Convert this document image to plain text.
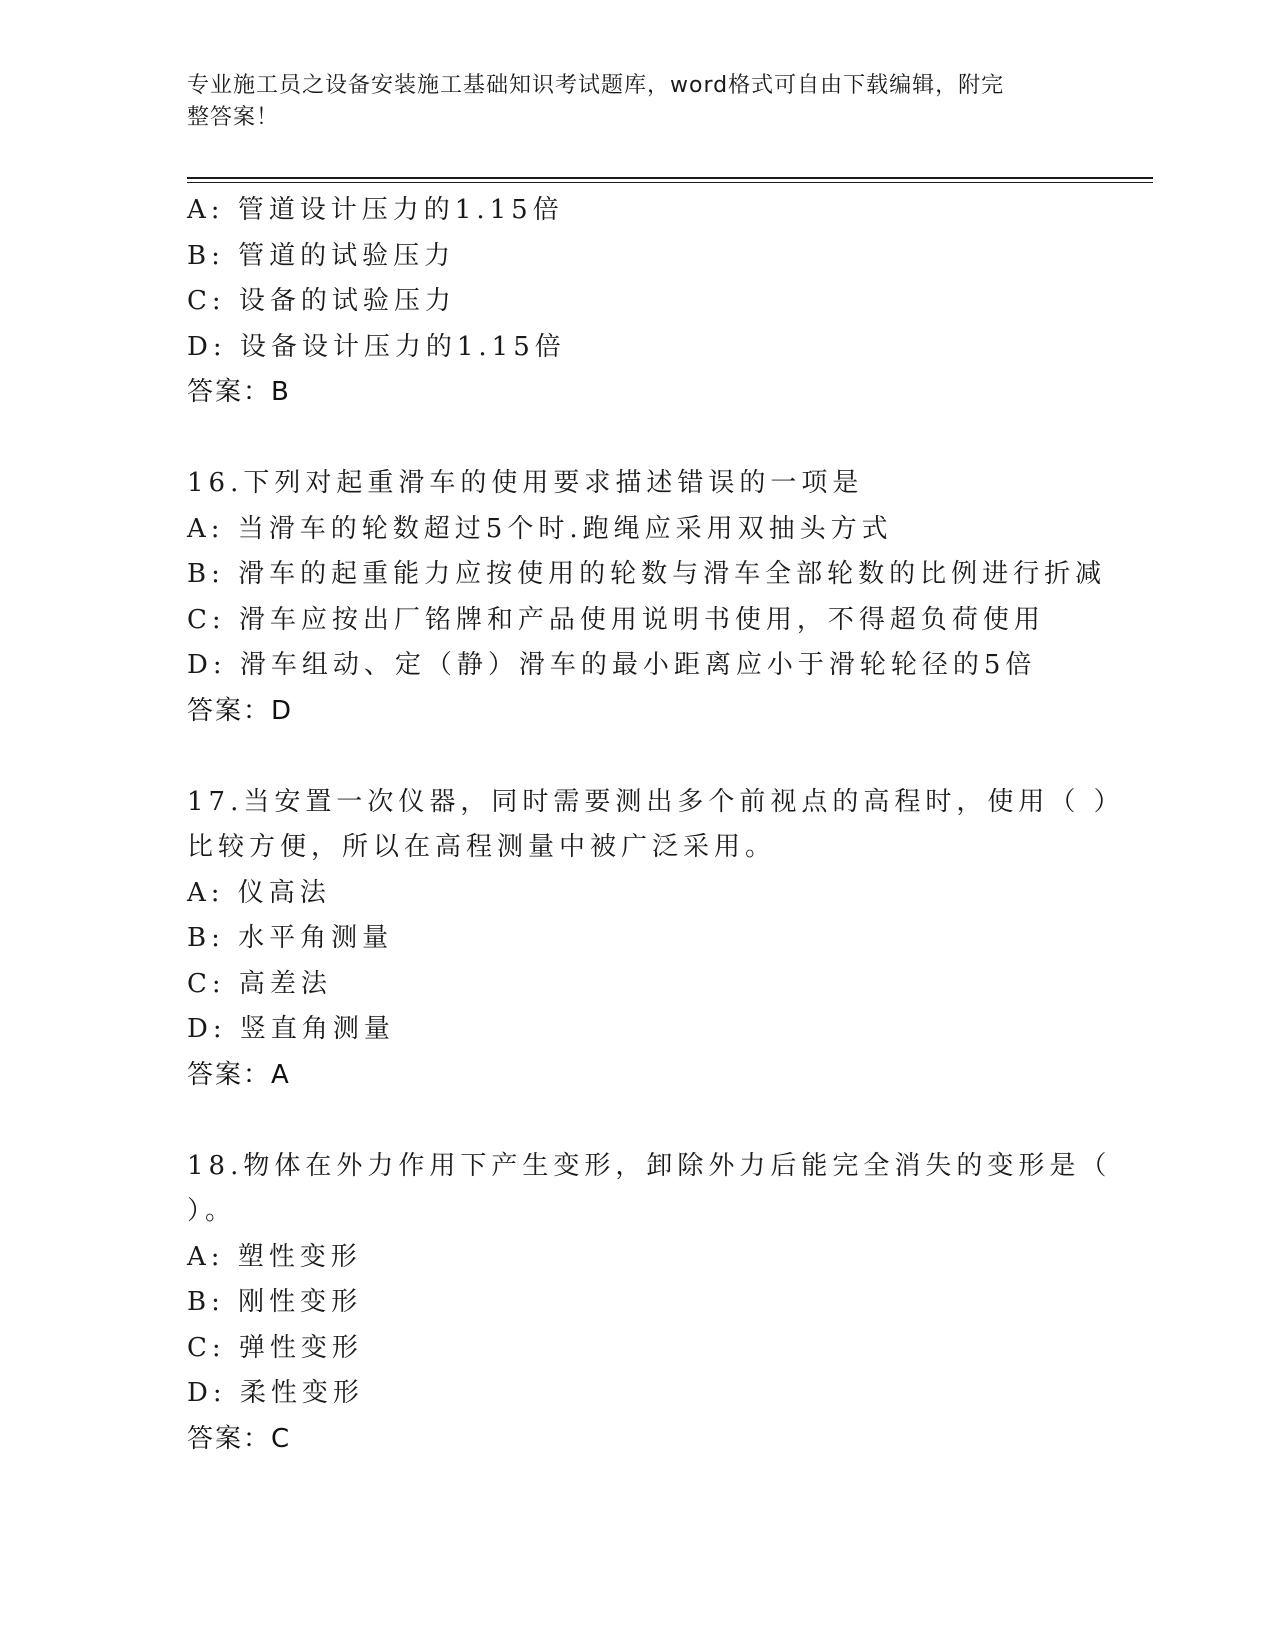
专业施工员之设备安装施工基础知识考试题库，word格式可自由下载编辑，附完
整答案！
A: 管道设计压力的1.15倍
B: 管道的试验压力
C: 设备的试验压力
D: 设备设计压力的1.15倍
答案：B
16.下列对起重滑车的使用要求描述错误的一项是
A: 当滑车的轮数超过5个时.跑绳应采用双抽头方式
B: 滑车的起重能力应按使用的轮数与滑车全部轮数的比例进行折减
C: 滑车应按出厂铭牌和产品使用说明书使用，不得超负荷使用
D: 滑车组动、定（静）滑车的最小距离应小于滑轮轮径的5倍
答案：D
17.当安置一次仪器，同时需要测出多个前视点的高程时，使用（ ）
比较方便，所以在高程测量中被广泛采用。
A: 仪高法
B: 水平角测量
C: 高差法
D: 竖直角测量
答案：A
18.物体在外力作用下产生变形，卸除外力后能完全消失的变形是（
）。
A: 塑性变形
B: 刚性变形
C: 弹性变形
D: 柔性变形
答案：C
